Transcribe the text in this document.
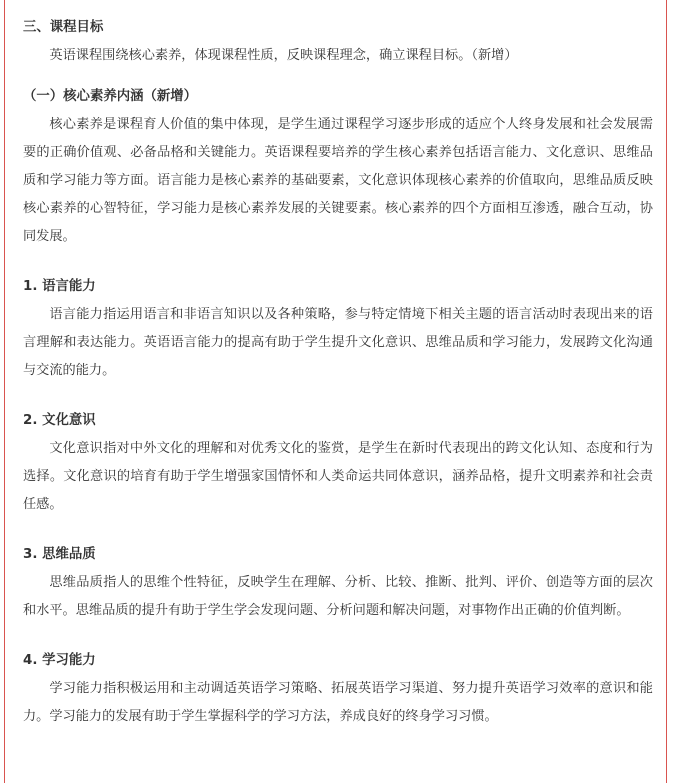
三、课程目标

英语课程围绕核心素养，体现课程性质，反映课程理念，确立课程目标。（新增）

（一）核心素养内涵（新增）

核心素养是课程育人价值的集中体现，是学生通过课程学习逐步形成的适应个人终身发展和社会发展需要的正确价值观、必备品格和关键能力。英语课程要培养的学生核心素养包括语言能力、文化意识、思维品质和学习能力等方面。语言能力是核心素养的基础要素，文化意识体现核心素养的价值取向，思维品质反映核心素养的心智特征，学习能力是核心素养发展的关键要素。核心素养的四个方面相互渗透，融合互动，协同发展。

1. 语言能力

语言能力指运用语言和非语言知识以及各种策略，参与特定情境下相关主题的语言活动时表现出来的语言理解和表达能力。英语语言能力的提高有助于学生提升文化意识、思维品质和学习能力，发展跨文化沟通与交流的能力。

2. 文化意识

文化意识指对中外文化的理解和对优秀文化的鉴赏，是学生在新时代表现出的跨文化认知、态度和行为选择。文化意识的培育有助于学生增强家国情怀和人类命运共同体意识，涵养品格，提升文明素养和社会责任感。

3. 思维品质

思维品质指人的思维个性特征，反映学生在理解、分析、比较、推断、批判、评价、创造等方面的层次和水平。思维品质的提升有助于学生学会发现问题、分析问题和解决问题，对事物作出正确的价值判断。

4. 学习能力

学习能力指积极运用和主动调适英语学习策略、拓展英语学习渠道、努力提升英语学习效率的意识和能力。学习能力的发展有助于学生掌握科学的学习方法，养成良好的终身学习习惯。
